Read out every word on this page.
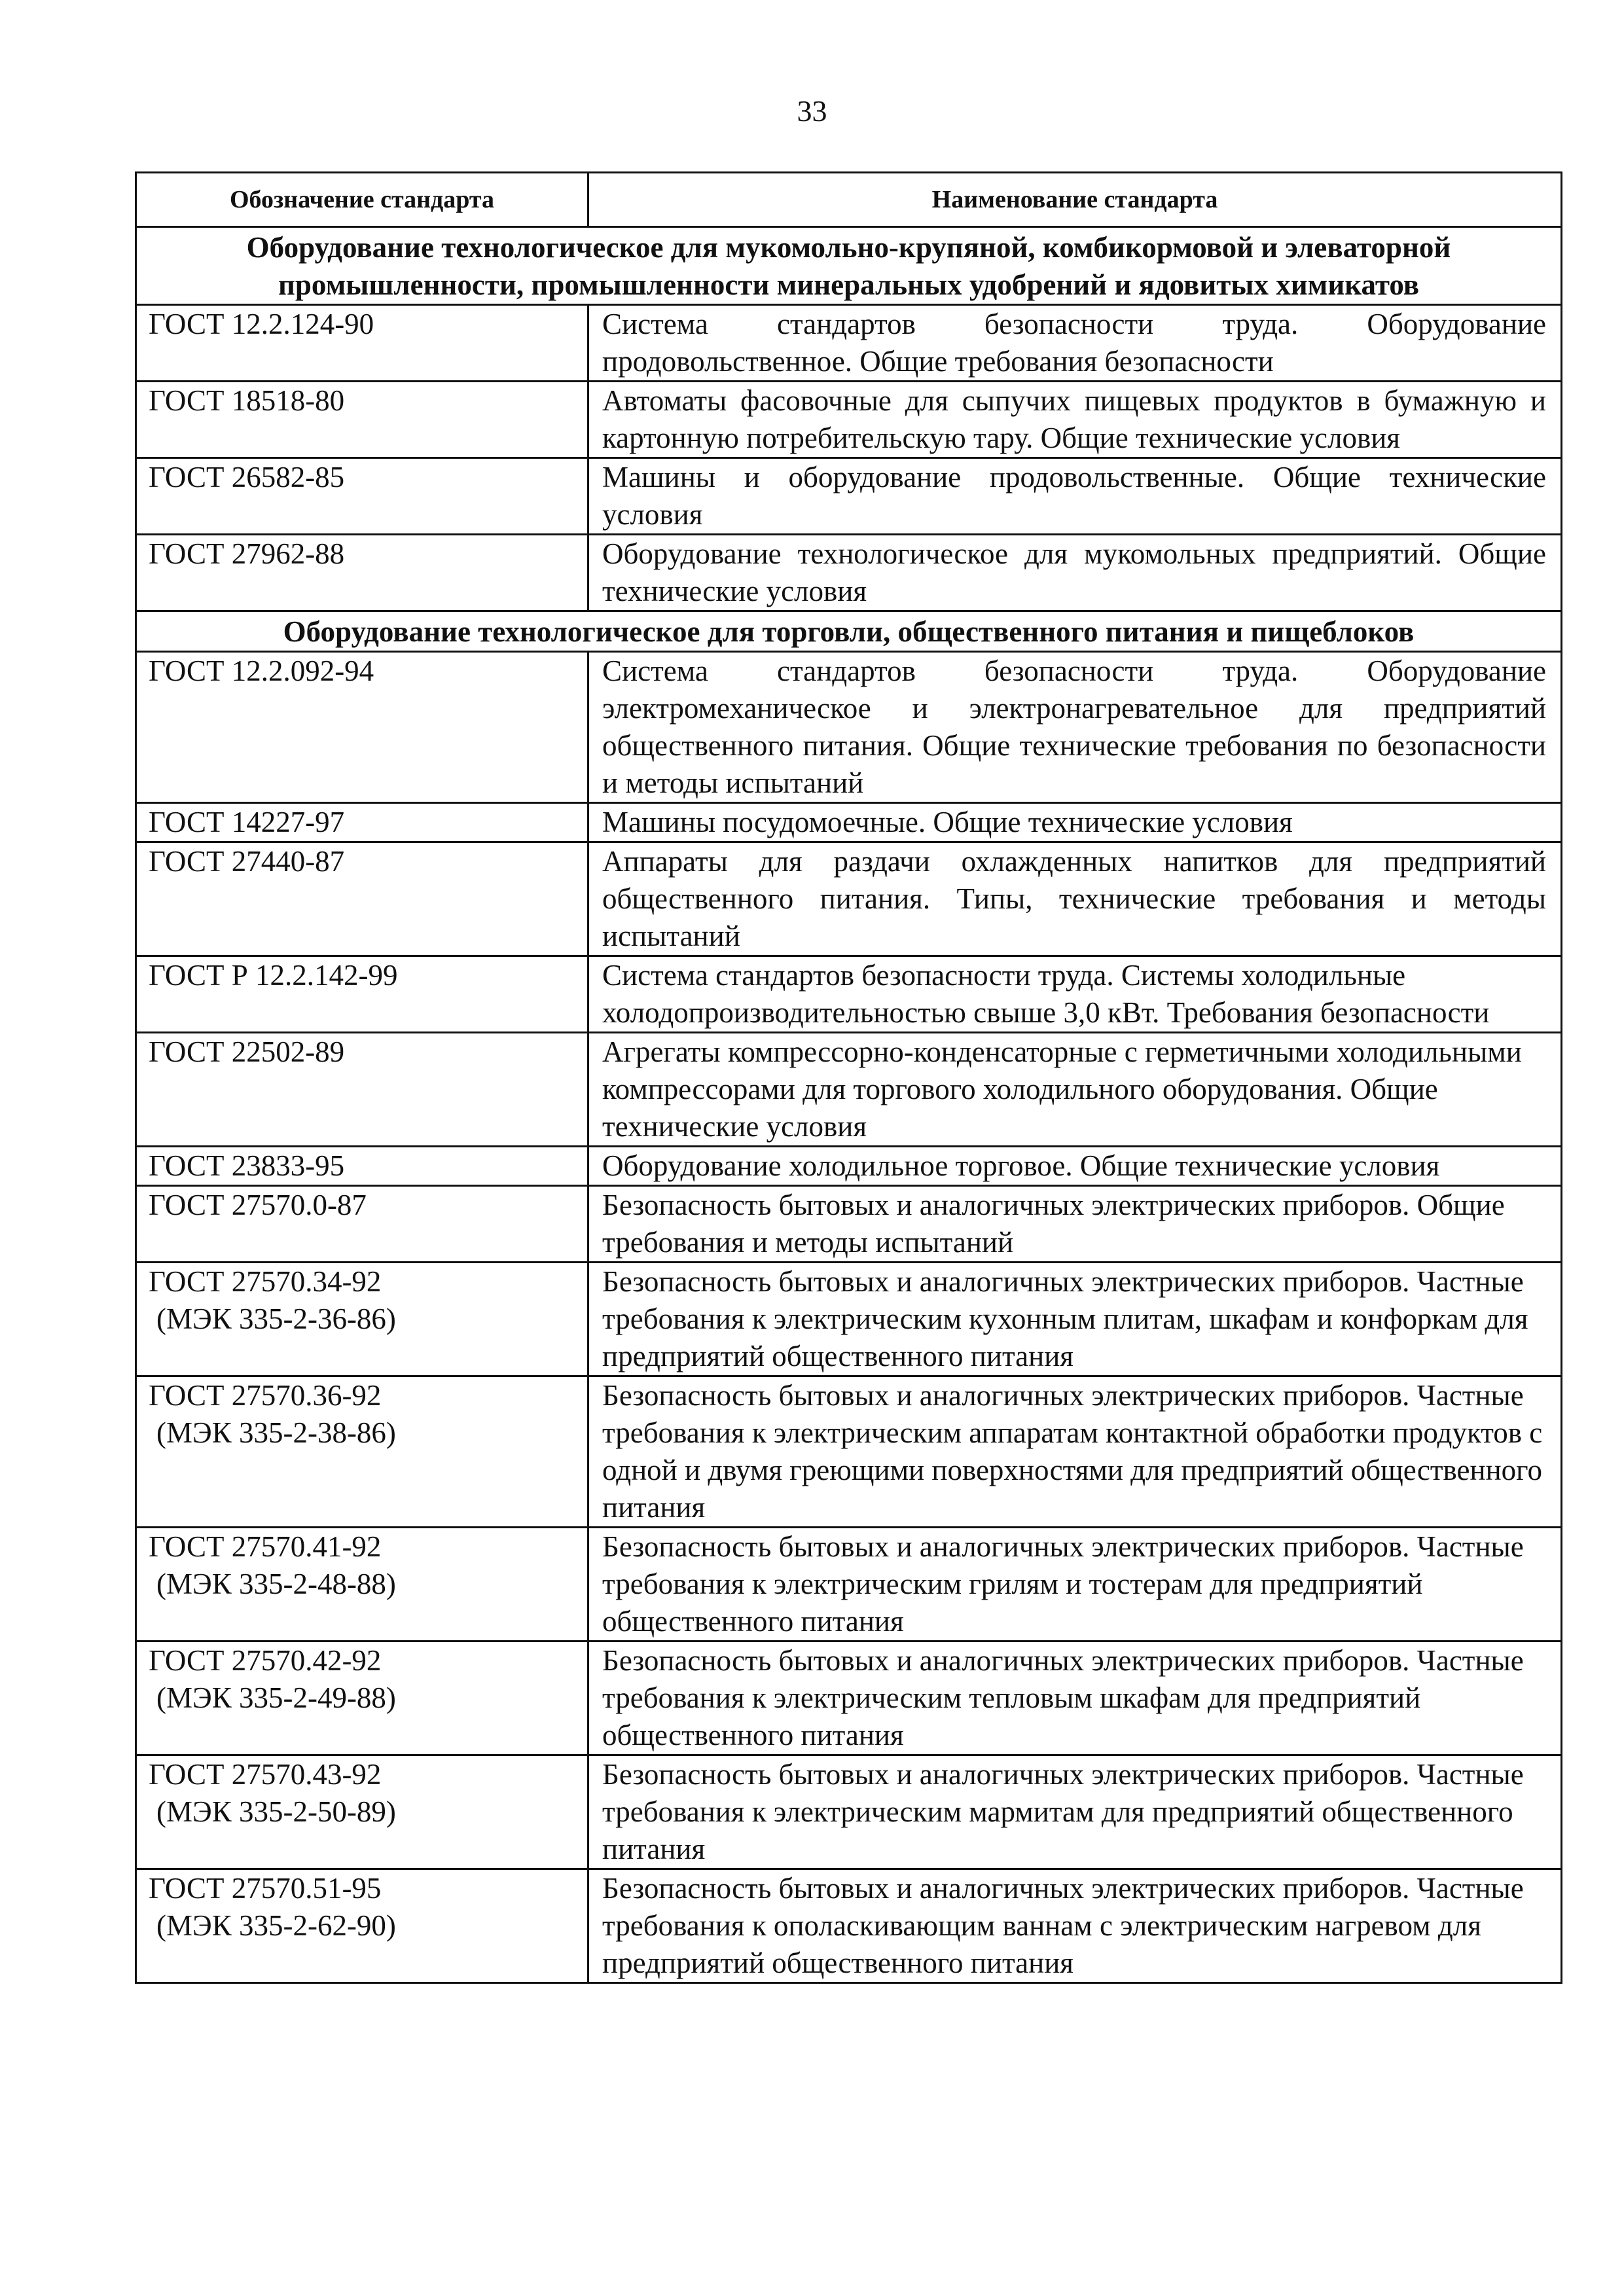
33
Обозначение стандарта	Наименование стандарта
Оборудование технологическое для мукомольно-крупяной, комбикормовой и элеваторной промышленности, промышленности минеральных удобрений и ядовитых химикатов	
ГОСТ 12.2.124-90	Система стандартов безопасности труда. Оборудование продовольственное. Общие требования безопасности
ГОСТ 18518-80	Автоматы фасовочные для сыпучих пищевых продуктов в бумажную и картонную потребительскую тару. Общие технические условия
ГОСТ 26582-85	Машины и оборудование продовольственные. Общие технические условия
ГОСТ 27962-88	Оборудование технологическое для мукомольных предприятий. Общие технические условия
Оборудование технологическое для торговли, общественного питания и пищеблоков	
ГОСТ 12.2.092-94	Система стандартов безопасности труда. Оборудование электромеханическое и электронагревательное для предприятий общественного питания. Общие технические требования по безопасности и методы испытаний
ГОСТ 14227-97	Машины посудомоечные. Общие технические условия
ГОСТ 27440-87	Аппараты для раздачи охлажденных напитков для предприятий общественного питания. Типы, технические требования и методы испытаний
ГОСТ Р 12.2.142-99	Система стандартов безопасности труда. Системы холодильные холодопроизводительностью свыше 3,0 кВт. Требования безопасности
ГОСТ 22502-89	Агрегаты компрессорно-конденсаторные с герметичными холодильными компрессорами для торгового холодильного оборудования. Общие технические условия
ГОСТ 23833-95	Оборудование холодильное торговое. Общие технические условия
ГОСТ 27570.0-87	Безопасность бытовых и аналогичных электрических приборов. Общие требования и методы испытаний
ГОСТ 27570.34-92
(МЭК 335-2-36-86)	Безопасность бытовых и аналогичных электрических приборов. Частные требования к электрическим кухонным плитам, шкафам и конфоркам для предприятий общественного питания
ГОСТ 27570.36-92
(МЭК 335-2-38-86)	Безопасность бытовых и аналогичных электрических приборов. Частные требования к электрическим аппаратам контактной обработки продуктов с одной и двумя греющими поверхностями для предприятий общественного питания
ГОСТ 27570.41-92
(МЭК 335-2-48-88)	Безопасность бытовых и аналогичных электрических приборов. Частные требования к электрическим грилям и тостерам для предприятий общественного питания
ГОСТ 27570.42-92
(МЭК 335-2-49-88)	Безопасность бытовых и аналогичных электрических приборов. Частные требования к электрическим тепловым шкафам для предприятий общественного питания
ГОСТ 27570.43-92
(МЭК 335-2-50-89)	Безопасность бытовых и аналогичных электрических приборов. Частные требования к электрическим мармитам для предприятий общественного питания
ГОСТ 27570.51-95
(МЭК 335-2-62-90)	Безопасность бытовых и аналогичных электрических приборов. Частные требования к ополаскивающим ваннам с электрическим нагревом для предприятий общественного питания
